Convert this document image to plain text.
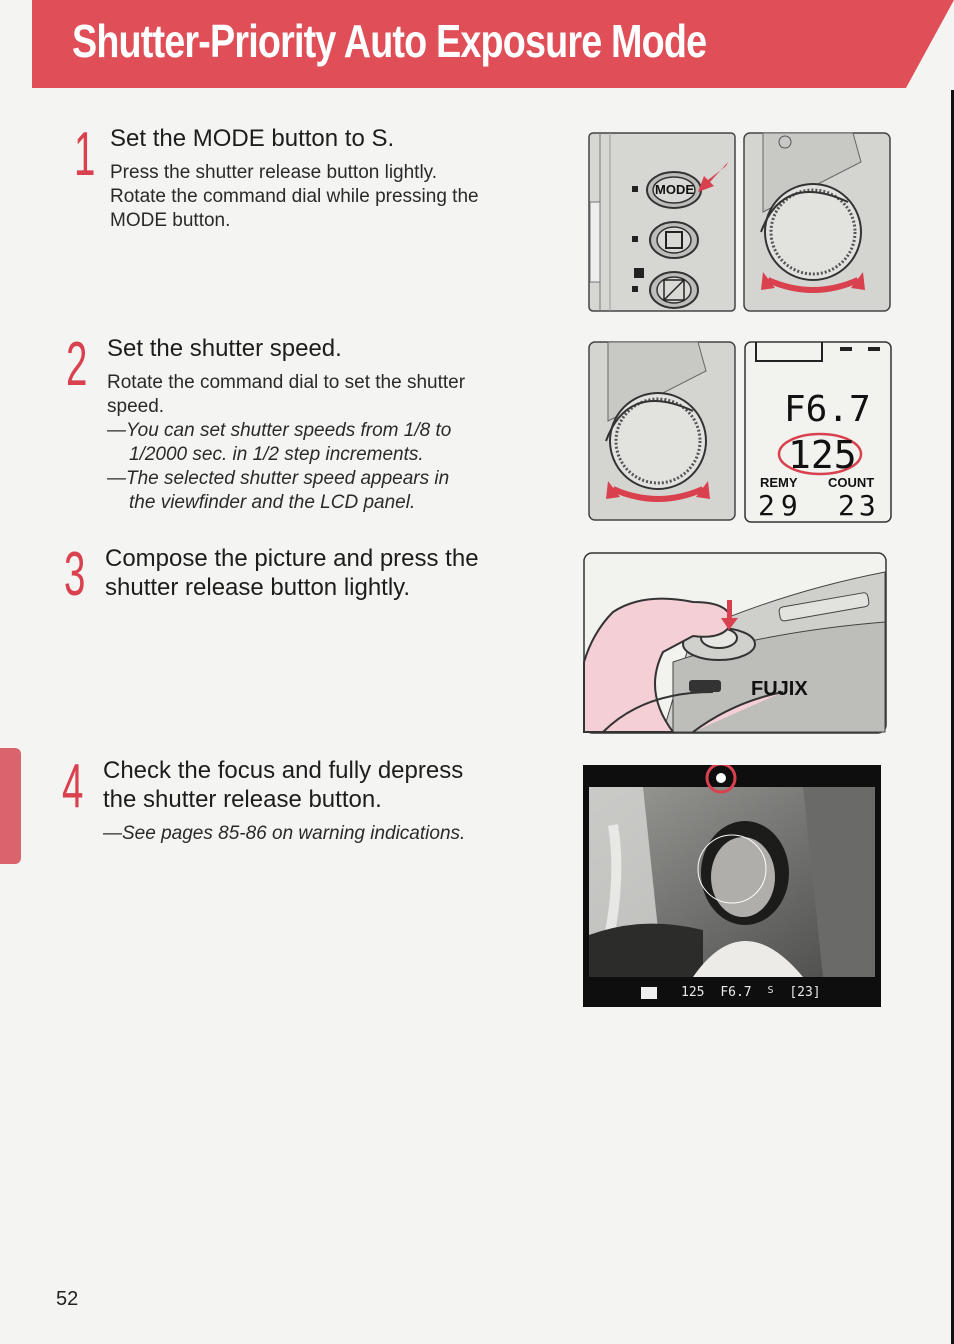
Shutter-Priority Auto Exposure Mode
1 Set the MODE button to S.
Press the shutter release button lightly.
Rotate the command dial while pressing the
MODE button.
2 Set the shutter speed.
Rotate the command dial to set the shutter
speed.
—You can set shutter speeds from 1/8 to
1/2000 sec. in 1/2 step increments.
—The selected shutter speed appears in
the viewfinder and the LCD panel.
3 Compose the picture and press the
shutter release button lightly.
4 Check the focus and fully depress
the shutter release button.
—See pages 85-86 on warning indications.
MODE
F6.7
125
REMY COUNT
29 23
FUJIX
125 F6.7 $^S$ [23]
52
